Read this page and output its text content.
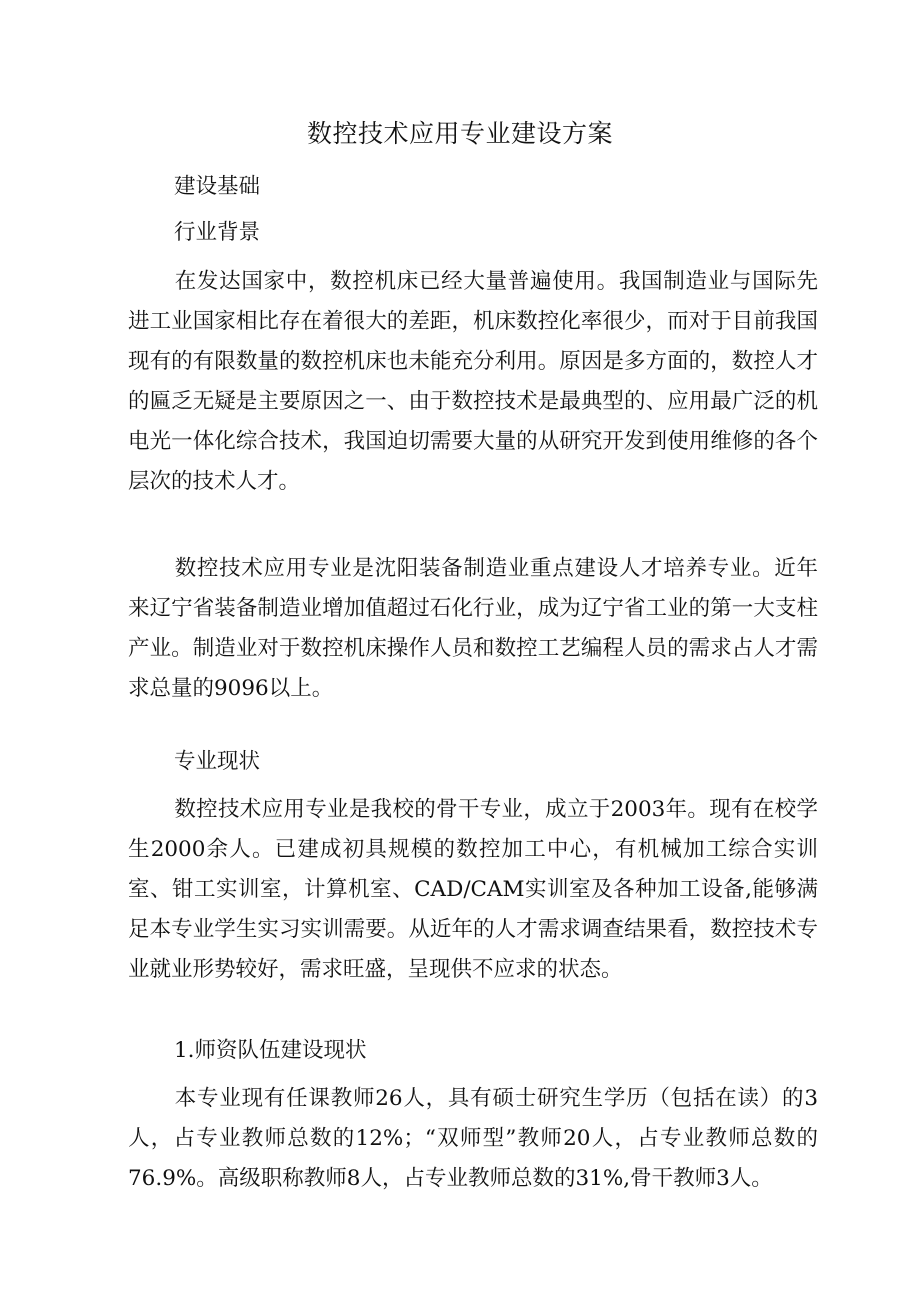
数控技术应用专业建设方案

建设基础

行业背景

在发达国家中，数控机床已经大量普遍使用。我国制造业与国际先进工业国家相比存在着很大的差距，机床数控化率很少，而对于目前我国现有的有限数量的数控机床也未能充分利用。原因是多方面的，数控人才的匾乏无疑是主要原因之一、由于数控技术是最典型的、应用最广泛的机电光一体化综合技术，我国迫切需要大量的从研究开发到使用维修的各个层次的技术人才。

数控技术应用专业是沈阳装备制造业重点建设人才培养专业。近年来辽宁省装备制造业增加值超过石化行业，成为辽宁省工业的第一大支柱产业。制造业对于数控机床操作人员和数控工艺编程人员的需求占人才需求总量的9096以上。

专业现状

数控技术应用专业是我校的骨干专业，成立于2003年。现有在校学生2000余人。已建成初具规模的数控加工中心，有机械加工综合实训室、钳工实训室，计算机室、CAD/CAM实训室及各种加工设备,能够满足本专业学生实习实训需要。从近年的人才需求调查结果看，数控技术专业就业形势较好，需求旺盛，呈现供不应求的状态。

1.师资队伍建设现状

本专业现有任课教师26人，具有硕士研究生学历（包括在读）的3人，占专业教师总数的12%；“双师型”教师20人，占专业教师总数的76.9%。高级职称教师8人，占专业教师总数的31%,骨干教师3人。
